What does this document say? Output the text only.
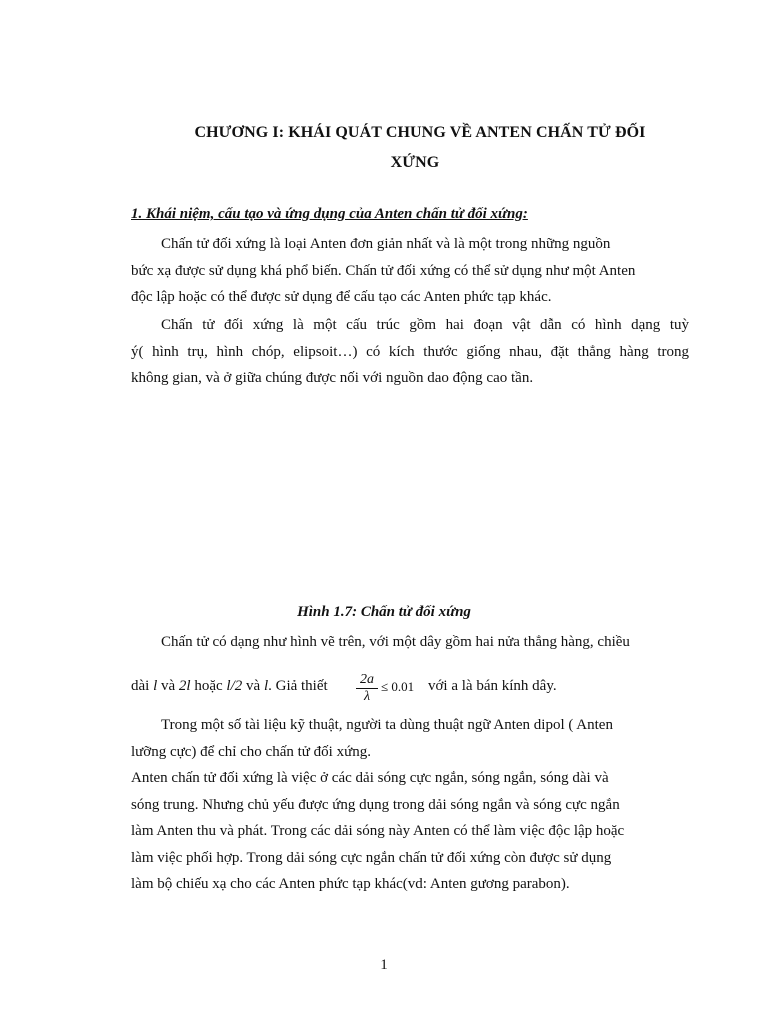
CHƯƠNG I: KHÁI QUÁT CHUNG VỀ ANTEN CHẤN TỬ ĐỐI
XỨNG
1. Khái niệm, cấu tạo và ứng dụng của Anten chấn tử đối xứng:
Chấn tử đối xứng là loại Anten đơn giản nhất và là một trong những nguồn
bức xạ được sử dụng khá phổ biến. Chấn tử đối xứng có thể sử dụng như một Anten
độc lập hoặc có thể được sử dụng để cấu tạo các Anten phức tạp khác.
Chấn tử đối xứng là một cấu trúc gồm hai đoạn vật dẫn có hình dạng tuỳ
ý( hình trụ, hình chóp, elipsoit…) có kích thước giống nhau, đặt thẳng hàng trong
không gian, và ở giữa chúng được nối với nguồn dao động cao tần.
Hình 1.7: Chấn tử đối xứng
Chấn tử có dạng như hình vẽ trên, với một dây gồm hai nửa thẳng hàng, chiều
dài l và 2l hoặc l/2 và l. Giả thiết $\frac{2a}{\lambda} \le 0.01$ với a là bán kính dây.
Trong một số tài liệu kỹ thuật, người ta dùng thuật ngữ Anten dipol ( Anten
lưỡng cực) để chỉ cho chấn tử đối xứng.
Anten chấn tử đối xứng là việc ở các dải sóng cực ngắn, sóng ngắn, sóng dài và
sóng trung. Nhưng chủ yếu được ứng dụng trong dải sóng ngắn và sóng cực ngắn
làm Anten thu và phát. Trong các dải sóng này Anten có thể làm việc độc lập hoặc
làm việc phối hợp. Trong dải sóng cực ngắn chấn tử đối xứng còn được sử dụng
làm bộ chiếu xạ cho các Anten phức tạp khác(vd: Anten gương parabon).
1
